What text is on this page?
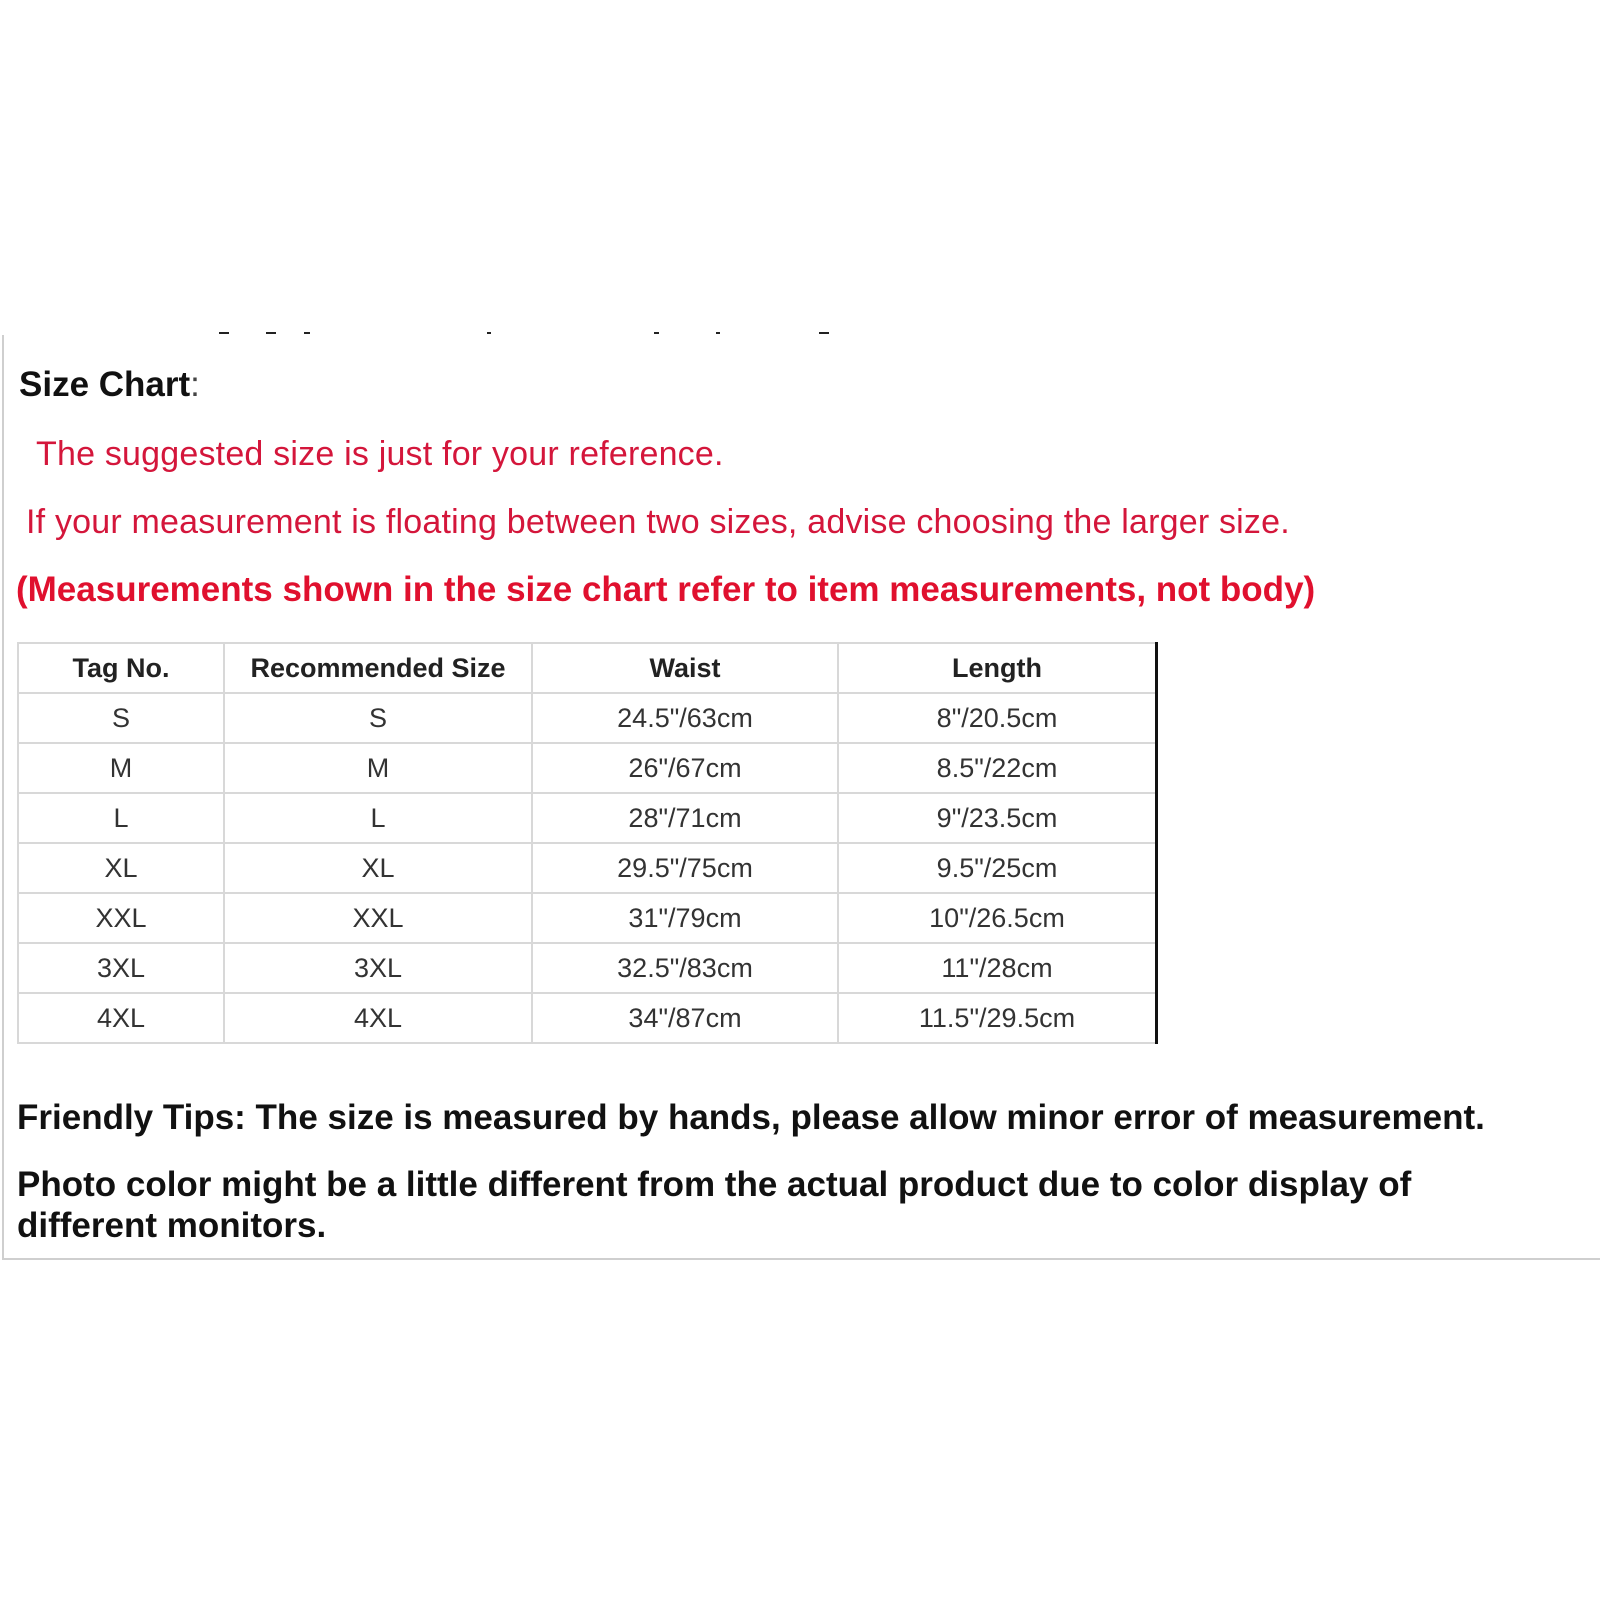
Size Chart:
The suggested size is just for your reference.
If your measurement is floating between two sizes, advise choosing the larger size.
(Measurements shown in the size chart refer to item measurements, not body)
Tag No.	Recommended Size	Waist	Length
S	S	24.5"/63cm	8"/20.5cm
M	M	26"/67cm	8.5"/22cm
L	L	28"/71cm	9"/23.5cm
XL	XL	29.5"/75cm	9.5"/25cm
XXL	XXL	31"/79cm	10"/26.5cm
3XL	3XL	32.5"/83cm	11"/28cm
4XL	4XL	34"/87cm	11.5"/29.5cm
Friendly Tips: The size is measured by hands, please allow minor error of measurement.
Photo color might be a little different from the actual product due to color display of different monitors.
